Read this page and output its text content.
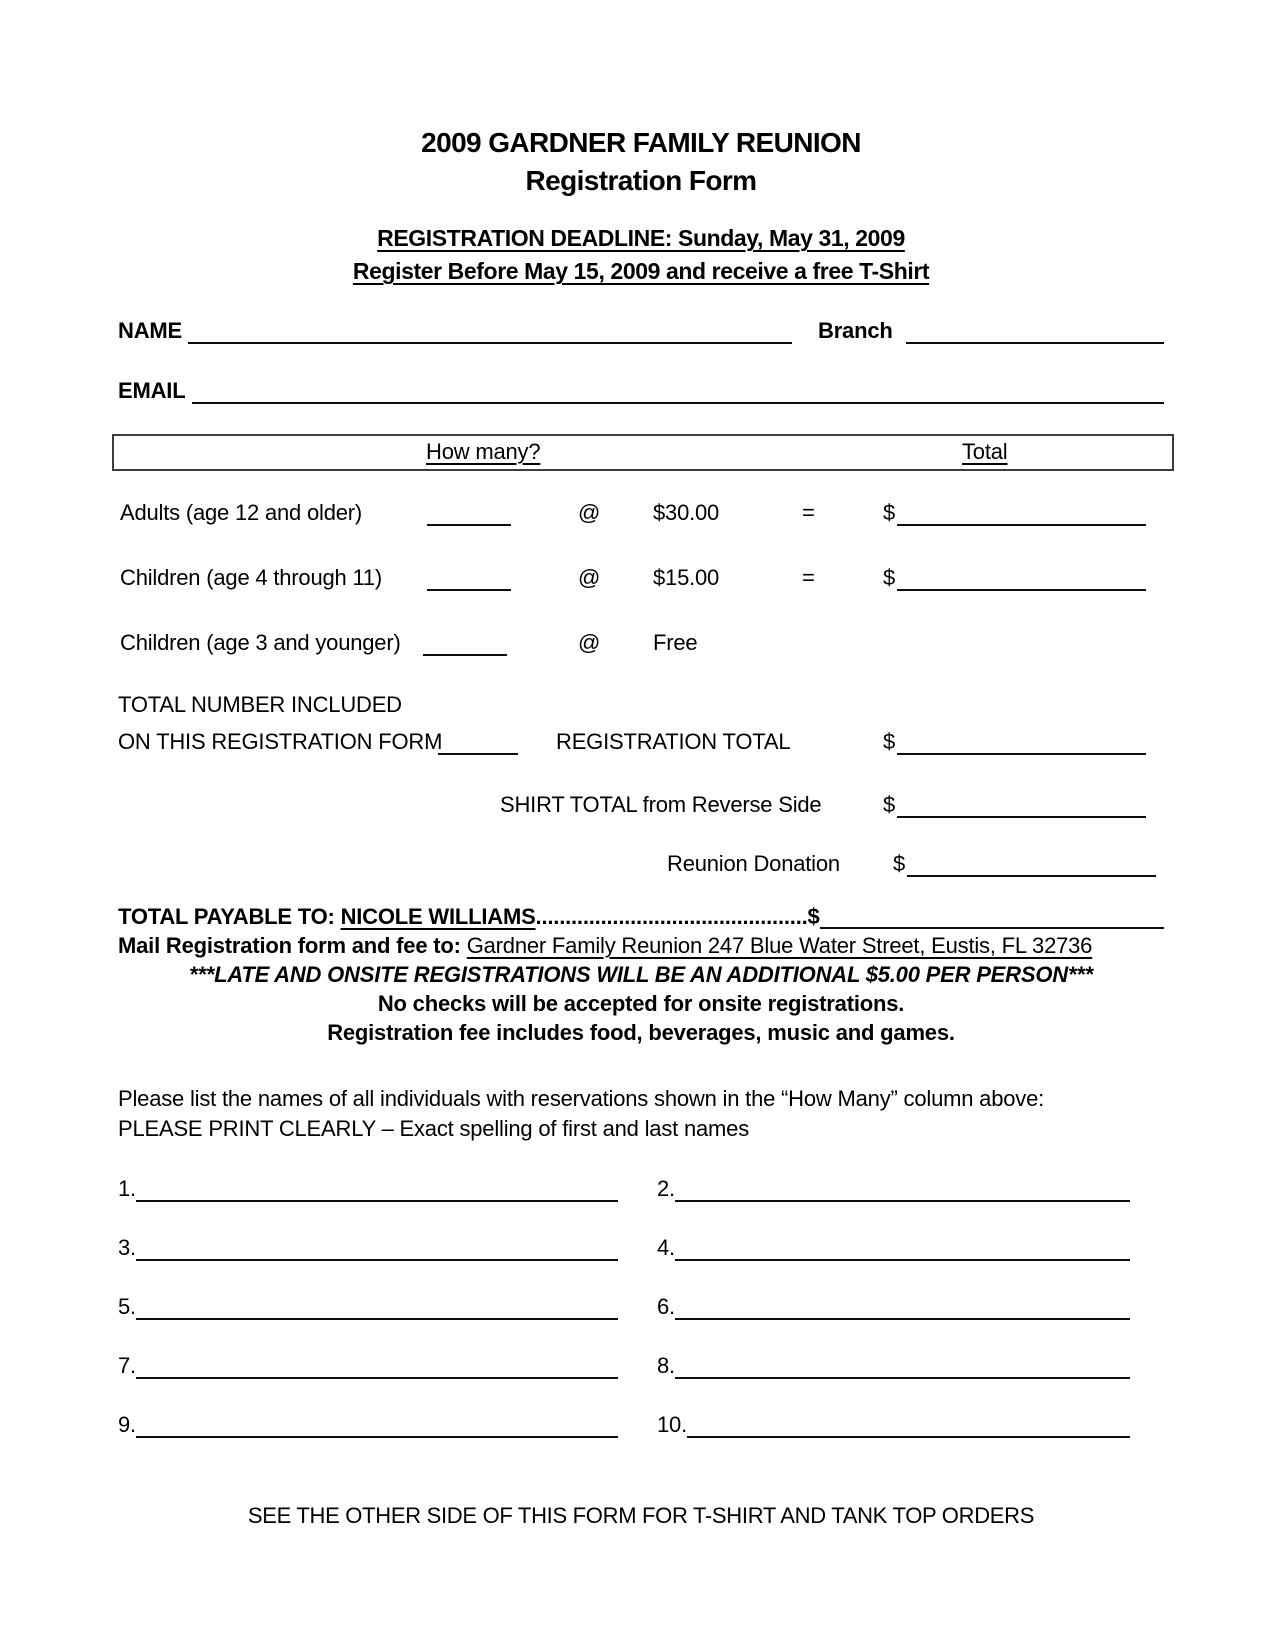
2009 GARDNER FAMILY REUNION
Registration Form
REGISTRATION DEADLINE: Sunday, May 31, 2009
Register Before May 15, 2009 and receive a free T-Shirt
NAME	Branch
EMAIL
How many?	Total
Adults (age 12 and older)	@ $30.00	=	$
Children (age 4 through 11)	@ $15.00	=	$
Children (age 3 and younger)	@ Free
TOTAL NUMBER INCLUDED
ON THIS REGISTRATION FORM	REGISTRATION TOTAL	$
SHIRT TOTAL from Reverse Side	$
Reunion Donation $
TOTAL PAYABLE TO: NICOLE WILLIAMS .............................................. $
Mail Registration form and fee to: Gardner Family Reunion 247 Blue Water Street, Eustis, FL 32736
***LATE AND ONSITE REGISTRATIONS WILL BE AN ADDITIONAL $5.00 PER PERSON***
No checks will be accepted for onsite registrations.
Registration fee includes food, beverages, music and games.
Please list the names of all individuals with reservations shown in the “How Many” column above:
PLEASE PRINT CLEARLY – Exact spelling of first and last names
1.	2.
3.	4.
5.	6.
7.	8.
9.	10.
SEE THE OTHER SIDE OF THIS FORM FOR T-SHIRT AND TANK TOP ORDERS
